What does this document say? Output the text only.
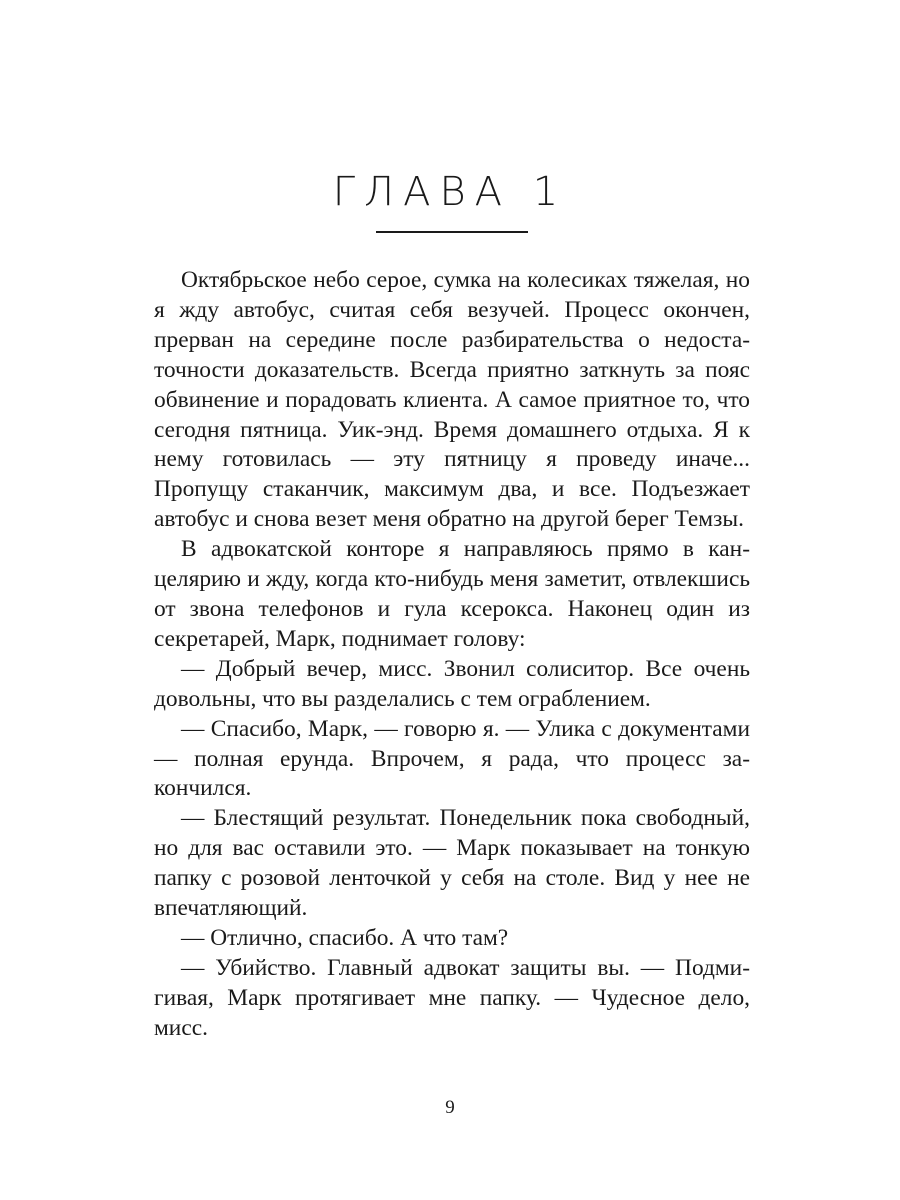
ГЛАВА 1

Октябрьское небо серое, сумка на колесиках тяжелая, но я жду автобус, считая себя везучей. Процесс окончен, прерван на середине после разбирательства о недостаточности доказательств. Всегда приятно заткнуть за пояс обвинение и порадовать клиента. А самое приятное то, что сегодня пятница. Уик-энд. Время домашнего отдыха. Я к нему готовилась — эту пятницу я проведу иначе... Пропущу стаканчик, максимум два, и все. Подъезжает автобус и снова везет меня обратно на другой берег Темзы.

В адвокатской конторе я направляюсь прямо в канцелярию и жду, когда кто-нибудь меня заметит, отвлекшись от звона телефонов и гула ксерокса. Наконец один из секретарей, Марк, поднимает голову:

— Добрый вечер, мисс. Звонил солиситор. Все очень довольны, что вы разделались с тем ограблением.

— Спасибо, Марк, — говорю я. — Улика с документами — полная ерунда. Впрочем, я рада, что процесс закончился.

— Блестящий результат. Понедельник пока свободный, но для вас оставили это. — Марк показывает на тонкую папку с розовой ленточкой у себя на столе. Вид у нее не впечатляющий.

— Отлично, спасибо. А что там?

— Убийство. Главный адвокат защиты вы. — Подмигивая, Марк протягивает мне папку. — Чудесное дело, мисс.

9
